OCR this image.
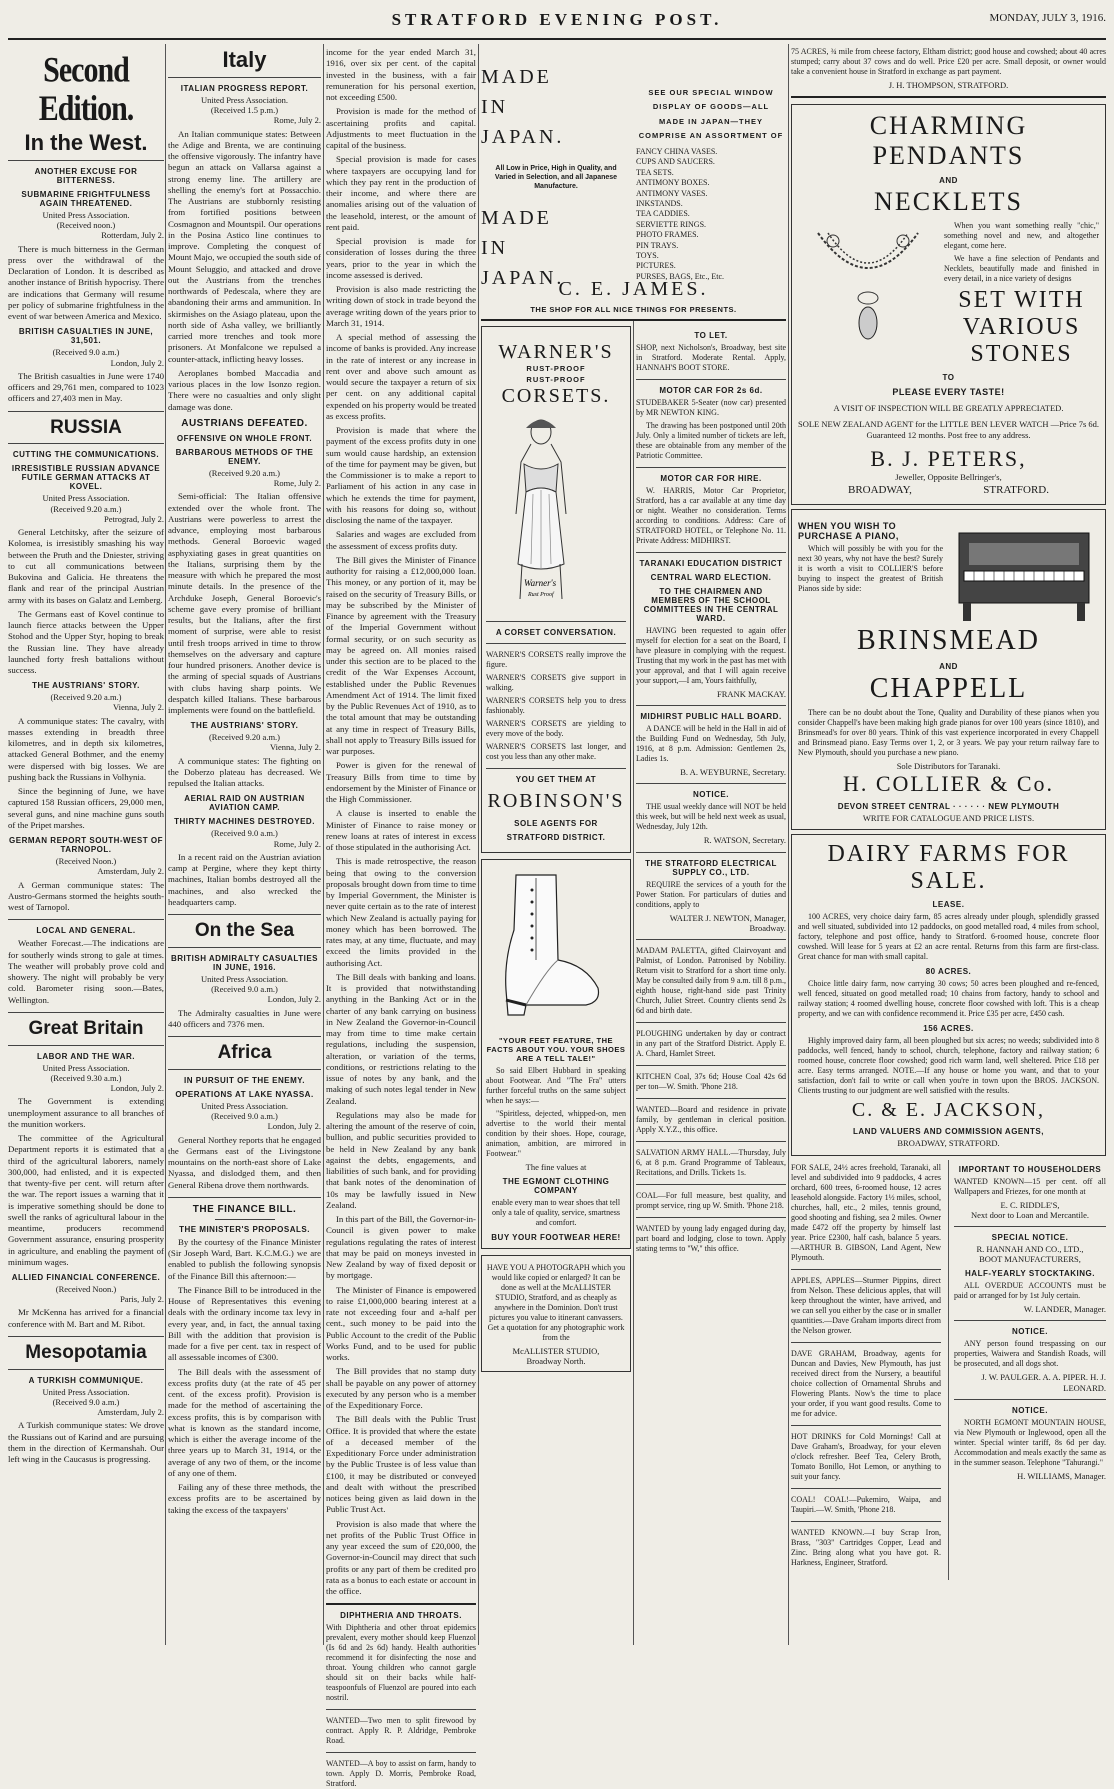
STRATFORD EVENING POST.	MONDAY, JULY 3, 1916.
Second Edition.
In the West.
ANOTHER EXCUSE FOR BITTERNESS.
SUBMARINE FRIGHTFULNESS AGAIN THREATENED.
United Press Association.
(Received noon.)
Rotterdam, July 2.

There is much bitterness in the German press over the withdrawal of the Declaration of London. It is described as another instance of British hypocrisy. There are indications that Germany will resume per policy of submarine frightfulness in the event of war between America and Mexico.

BRITISH CASUALTIES IN JUNE, 31,501.
(Received 9.0 a.m.)
London, July 2.

The British casualties in June were 1740 officers and 29,761 men, compared to 1023 officers and 27,403 men in May.

RUSSIA
CUTTING THE COMMUNICATIONS.
IRRESISTIBLE RUSSIAN ADVANCE FUTILE GERMAN ATTACKS AT KOVEL.
United Press Association.
(Received 9.20 a.m.)
Petrograd, July 2.

General Letchitsky, after the seizure of Kolomea, is irresistibly smashing his way between the Pruth and the Dniester, striving to cut all communications between Bukovina and Galicia. He threatens the flank and rear of the principal Austrian army with its bases on Galatz and Lemberg.

The Germans east of Kovel continue to launch fierce attacks between the Upper Stohod and the Upper Styr, hoping to break the Russian line. They have already launched forty fresh battalions without success.

THE AUSTRIANS' STORY.
(Received 9.20 a.m.)
Vienna, July 2.

A communique states: The cavalry, with masses extending in breadth three kilometres, and in depth six kilometres, attacked General Bothmer, and the enemy were dispersed with big losses. We are pushing back the Russians in Volhynia.

Since the beginning of June, we have captured 158 Russian officers, 29,000 men, several guns, and nine machine guns south of the Pripet marshes.

GERMAN REPORT SOUTH-WEST OF TARNOPOL.
(Received Noon.)
Amsterdam, July 2.

A German communique states: The Austro-Germans stormed the heights south-west of Tarnopol.

LOCAL AND GENERAL.

Weather Forecast.—The indications are for southerly winds strong to gale at times. The weather will probably prove cold and showery. The night will probably be very cold. Barometer rising soon.—Bates, Wellington.

Great Britain
LABOR AND THE WAR.
United Press Association.
(Received 9.30 a.m.)
London, July 2.

The Government is extending unemployment assurance to all branches of the munition workers.

The committee of the Agricultural Department reports it is estimated that a third of the agricultural laborers, namely 300,000, had enlisted, and it is expected that twenty-five per cent. will return after the war. The report issues a warning that it is imperative something should be done to swell the ranks of agricultural labour in the meantime, producers recommend Government assurance, ensuring prosperity in agriculture, and enabling the payment of minimum wages.

ALLIED FINANCIAL CONFERENCE.
(Received Noon.)
Paris, July 2.

Mr McKenna has arrived for a financial conference with M. Bart and M. Ribot.

Mesopotamia
A TURKISH COMMUNIQUE.
United Press Association.
(Received 9.0 a.m.)
Amsterdam, July 2.

A Turkish communique states: We drove the Russians out of Karind and are pursuing them in the direction of Kermanshah. Our left wing in the Caucasus is progressing.

Italy
ITALIAN PROGRESS REPORT.
United Press Association.
(Received 1.5 p.m.)
Rome, July 2.

An Italian communique states: Between the Adige and Brenta, we are continuing the offensive vigorously. The infantry have begun an attack on Vallarsa against a strong enemy line. The artillery are shelling the enemy's fort at Possacchio. The Austrians are stubbornly resisting from fortified positions between Cosmagnon and Mountspil. Our operations in the Posina Astico line continues to improve. Completing the conquest of Mount Majo, we occupied the south side of Mount Seluggio, and attacked and drove out the Austrians from the trenches northwards of Pedescala, where they are abandoning their arms and ammunition. In skirmishes on the Asiago plateau, upon the north side of Asha valley, we brilliantly carried more trenches and took more prisoners. At Monfalcone we repulsed a counter-attack, inflicting heavy losses.

Aeroplanes bombed Maccadia and various places in the low Isonzo region. There were no casualties and only slight damage was done.

AUSTRIANS DEFEATED.
OFFENSIVE ON WHOLE FRONT.
BARBAROUS METHODS OF THE ENEMY.
(Received 9.20 a.m.)
Rome, July 2.

Semi-official: The Italian offensive extended over the whole front. The Austrians were powerless to arrest the advance, employing most barbarous methods. General Boroevic waged asphyxiating gases in great quantities on the Italians, surprising them by the measure with which he prepared the most minute details. In the presence of the Archduke Joseph, General Boroevic's scheme gave every promise of brilliant results, but the Italians, after the first moment of surprise, were able to resist until fresh troops arrived in time to throw themselves on the adversary and capture four hundred prisoners. Another device is the arming of special squads of Austrians with clubs having sharp points. We despatch killed Italians. These barbarous implements were found on the battlefield.

THE AUSTRIANS' STORY.
(Received 9.20 a.m.)
Vienna, July 2.

A communique states: The fighting on the Doberzo plateau has decreased. We repulsed the Italian attacks.

AERIAL RAID ON AUSTRIAN AVIATION CAMP.
THIRTY MACHINES DESTROYED.
(Received 9.0 a.m.)
Rome, July 2.

In a recent raid on the Austrian aviation camp at Pergine, where they kept thirty machines, Italian bombs destroyed all the machines, and also wrecked the headquarters camp.

On the Sea
BRITISH ADMIRALTY CASUALTIES IN JUNE, 1916.
United Press Association.
(Received 9.0 a.m.)
London, July 2.

The Admiralty casualties in June were 440 officers and 7376 men.

Africa
IN PURSUIT OF THE ENEMY.
OPERATIONS AT LAKE NYASSA.
United Press Association.
(Received 9.0 a.m.)
London, July 2.

General Northey reports that he engaged the Germans east of the Livingstone mountains on the north-east shore of Lake Nyassa, and dislodged them, and then General Ribena drove them northwards.

THE FINANCE BILL.
THE MINISTER'S PROPOSALS.

By the courtesy of the Finance Minister (Sir Joseph Ward, Bart. K.C.M.G.) we are enabled to publish the following synopsis of the Finance Bill this afternoon:—

The Finance Bill to be introduced in the House of Representatives this evening deals with the ordinary income tax levy in every year, and, in fact, the annual taxing Bill with the addition that provision is made for a five per cent. tax in respect of all assessable incomes of £300.

The Bill deals with the assessment of excess profits duty (at the rate of 45 per cent. of the excess profit). Provision is made for the method of ascertaining the excess profits, this is by comparison with what is known as the standard income, which is either the average income of the three years up to March 31, 1914, or the average of any two of them, or the income of any one of them.

Failing any of these three methods, the excess profits are to be ascertained by taking the excess of the taxpayers'

income for the year ended March 31, 1916, over six per cent. of the capital invested in the business, with a fair remuneration for his personal exertion, not exceeding £500.

Provision is made for the method of ascertaining profits and capital. Adjustments to meet fluctuation in the capital of the business.

Special provision is made for cases where taxpayers are occupying land for which they pay rent in the production of their income, and where there are anomalies arising out of the valuation of the leasehold, interest, or the amount of rent paid.

Special provision is made for consideration of losses during the three years, prior to the year in which the income assessed is derived.

Provision is also made restricting the writing down of stock in trade beyond the average writing down of the years prior to March 31, 1914.

A special method of assessing the income of banks is provided. Any increase in the rate of interest or any increase in rent over and above such amount as would secure the taxpayer a return of six per cent. on any additional capital expended on his property would be treated as excess profits.

Provision is made that where the payment of the excess profits duty in one sum would cause hardship, an extension of the time for payment may be given, but the Commissioner is to make a report to Parliament of his action in any case in which he extends the time for payment, with his reasons for doing so, without disclosing the name of the taxpayer.

Salaries and wages are excluded from the assessment of excess profits duty.

The Bill gives the Minister of Finance authority for raising a £12,000,000 loan. This money, or any portion of it, may be raised on the security of Treasury Bills, or may be subscribed by the Minister of Finance by agreement with the Treasury of the Imperial Government without formal security, or on such security as may be agreed on. All monies raised under this section are to be placed to the credit of the War Expenses Account, established under the Public Revenues Amendment Act of 1914. The limit fixed by the Public Revenues Act of 1910, as to the total amount that may be outstanding at any time in respect of Treasury Bills, shall not apply to Treasury Bills issued for war purposes.

Power is given for the renewal of Treasury Bills from time to time by endorsement by the Minister of Finance or the High Commissioner.

A clause is inserted to enable the Minister of Finance to raise money or renew loans at rates of interest in excess of those stipulated in the authorising Act.

This is made retrospective, the reason being that owing to the conversion proposals brought down from time to time by Imperial Government, the Minister is never quite certain as to the rate of interest which New Zealand is actually paying for money which has been borrowed. The rates may, at any time, fluctuate, and may exceed the limits provided in the authorising Act.

The Bill deals with banking and loans. It is provided that notwithstanding anything in the Banking Act or in the charter of any bank carrying on business in New Zealand the Governor-in-Council may from time to time make certain regulations, including the suspension, alteration, or variation of the terms, conditions, or restrictions relating to the issue of notes by any bank, and the making of such notes legal tender in New Zealand.

Regulations may also be made for altering the amount of the reserve of coin, bullion, and public securities provided to be held in New Zealand by any bank against the debts, engagements, and liabilities of such bank, and for providing that bank notes of the denomination of 10s may be lawfully issued in New Zealand.

In this part of the Bill, the Governor-in-Council is given power to make regulations regulating the rates of interest that may be paid on moneys invested in New Zealand by way of fixed deposit or by mortgage.

The Minister of Finance is empowered to raise £1,000,000 bearing interest at a rate not exceeding four and a-half per cent., such money to be paid into the Public Account to the credit of the Public Works Fund, and to be used for public works.

The Bill provides that no stamp duty shall be payable on any power of attorney executed by any person who is a member of the Expeditionary Force.

The Bill deals with the Public Trust Office. It is provided that where the estate of a deceased member of the Expeditionary Force under administration by the Public Trustee is of less value than £100, it may be distributed or conveyed and dealt with without the prescribed notices being given as laid down in the Public Trust Act.

Provision is also made that where the net profits of the Public Trust Office in any year exceed the sum of £20,000, the Governor-in-Council may direct that such profits or any part of them be credited pro rata as a bonus to each estate or account in the office.

DIPHTHERIA AND THROATS.

With Diphtheria and other throat epidemics prevalent, every mother should keep Fluenzol (Is 6d and 2s 6d) handy. Health authorities recommend it for disinfecting the nose and throat. Young children who cannot gargle should sit on their backs while half-teaspoonfuls of Fluenzol are poured into each nostril.

WANTED—Two men to split firewood by contract. Apply R. P. Aldridge, Pembroke Road.

WANTED—A boy to assist on farm, handy to town. Apply D. Morris, Pembroke Road, Stratford.

MADE
IN
JAPAN.
All Low in Price, High in Quality, and Varied in Selection, and all Japanese Manufacture.
MADE
IN
JAPAN.
SEE OUR SPECIAL WINDOW
DISPLAY OF GOODS—ALL
MADE IN JAPAN—THEY
COMPRISE AN ASSORTMENT OF
FANCY CHINA VASES.
CUPS AND SAUCERS.
TEA SETS.
ANTIMONY BOXES.
ANTIMONY VASES.
INKSTANDS.
TEA CADDIES.
SERVIETTE RINGS.
PHOTO FRAMES.
PIN TRAYS.
TOYS.
PICTURES.
PURSES, BAGS, Etc., Etc.
C. E. JAMES.
THE SHOP FOR ALL NICE THINGS FOR PRESENTS.
WARNER'S
RUST-PROOF
RUST-PROOF
CORSETS.
Warner's
Rust Proof
A CORSET CONVERSATION.

WARNER'S CORSETS really improve the figure.

WARNER'S CORSETS give support in walking.

WARNER'S CORSETS help you to dress fashionably.

WARNER'S CORSETS are yielding to every move of the body.

WARNER'S CORSETS last longer, and cost you less than any other make.

YOU GET THEM AT
ROBINSON'S
SOLE AGENTS FOR
STRATFORD DISTRICT.
"YOUR FEET FEATURE, THE FACTS ABOUT YOU. YOUR SHOES ARE A TELL TALE!"

So said Elbert Hubbard in speaking about Footwear. And "The Fra" utters further forceful truths on the same subject when he says:—

"Spiritless, dejected, whipped-on, men advertise to the world their mental condition by their shoes. Hope, courage, animation, ambition, are mirrored in Footwear."

The fine values at
THE EGMONT CLOTHING COMPANY

enable every man to wear shoes that tell only a tale of quality, service, smartness and comfort.

BUY YOUR FOOTWEAR HERE!

HAVE YOU A PHOTOGRAPH which you would like copied or enlarged? It can be done as well at the McALLISTER STUDIO, Stratford, and as cheaply as anywhere in the Dominion. Don't trust pictures you value to itinerant canvassers. Get a quotation for any photographic work from the

McALLISTER STUDIO,
Broadway North.
TO LET.

SHOP, next Nicholson's, Broadway, best site in Stratford. Moderate Rental. Apply, HANNAH'S BOOT STORE.

MOTOR CAR FOR 2s 6d.

STUDEBAKER 5-Seater (now car) presented by MR NEWTON KING.

The drawing has been postponed until 20th July. Only a limited number of tickets are left, these are obtainable from any member of the Patriotic Committee.

MOTOR CAR FOR HIRE.

W. HARRIS, Motor Car Proprietor, Stratford, has a car available at any time day or night. Weather no consideration. Terms according to conditions. Address: Care of STRATFORD HOTEL, or Telephone No. 11. Private Address: MIDHIRST.

TARANAKI EDUCATION DISTRICT
CENTRAL WARD ELECTION.
TO THE CHAIRMEN AND MEMBERS OF THE SCHOOL COMMITTEES IN THE CENTRAL WARD.

HAVING been requested to again offer myself for election for a seat on the Board, I have pleasure in complying with the request. Trusting that my work in the past has met with your approval, and that I will again receive your support,—I am, Yours faithfully,

FRANK MACKAY.
MIDHIRST PUBLIC HALL BOARD.

A DANCE will be held in the Hall in aid of the Building Fund on Wednesday, 5th July, 1916, at 8 p.m. Admission: Gentlemen 2s, Ladies 1s.

B. A. WEYBURNE, Secretary.
NOTICE.

THE usual weekly dance will NOT be held this week, but will be held next week as usual, Wednesday, July 12th.

R. WATSON, Secretary.
THE STRATFORD ELECTRICAL SUPPLY CO., LTD.

REQUIRE the services of a youth for the Power Station. For particulars of duties and conditions, apply to

WALTER J. NEWTON, Manager, Broadway.

MADAM PALETTA, gifted Clairvoyant and Palmist, of London. Patronised by Nobility. Return visit to Stratford for a short time only. May be consulted daily from 9 a.m. till 8 p.m., eighth house, right-hand side past Trinity Church, Juliet Street. Country clients send 2s 6d and birth date.

PLOUGHING undertaken by day or contract in any part of the Stratford District. Apply E. A. Chard, Hamlet Street.

KITCHEN Coal, 37s 6d; House Coal 42s 6d per ton—W. Smith. 'Phone 218.

WANTED—Board and residence in private family, by gentleman in clerical position. Apply X.Y.Z., this office.

SALVATION ARMY HALL.—Thursday, July 6, at 8 p.m. Grand Programme of Tableaux, Recitations, and Drills. Tickets 1s.

COAL—For full measure, best quality, and prompt service, ring up W. Smith. 'Phone 218.

WANTED by young lady engaged during day, part board and lodging, close to town. Apply stating terms to "W," this office.

75 ACRES, ¾ mile from cheese factory, Eltham district; good house and cowshed; about 40 acres stumped; carry about 37 cows and do well. Price £20 per acre. Small deposit, or owner would take a convenient house in Stratford in exchange as part payment.

J. H. THOMPSON, STRATFORD.
CHARMING PENDANTS
AND
NECKLETS

When you want something really "chic," something novel and new, and altogether elegant, come here.

We have a fine selection of Pendants and Necklets, beautifully made and finished in every detail, in a nice variety of designs

SET WITH VARIOUS
STONES
TO
PLEASE EVERY TASTE!
A VISIT OF INSPECTION WILL BE GREATLY APPRECIATED.
SOLE NEW ZEALAND AGENT for the LITTLE BEN LEVER WATCH —Price 7s 6d. Guaranteed 12 months. Post free to any address.
B. J. PETERS,
Jeweller, Opposite Bellringer's,
BROADWAY,	STRATFORD.
WHEN YOU WISH TO PURCHASE A PIANO,

Which will possibly be with you for the next 30 years, why not have the best? Surely it is worth a visit to COLLIER'S before buying to inspect the greatest of British Pianos side by side:

BRINSMEAD
AND
CHAPPELL

There can be no doubt about the Tone, Quality and Durability of these pianos when you consider Chappell's have been making high grade pianos for over 100 years (since 1810), and Brinsmead's for over 80 years. Think of this vast experience incorporated in every Chappell and Brinsmead piano. Easy Terms over 1, 2, or 3 years. We pay your return railway fare to New Plymouth, should you purchase a new piano.

Sole Distributors for Taranaki.
H. COLLIER & Co.
DEVON STREET CENTRAL · · · · · · NEW PLYMOUTH
WRITE FOR CATALOGUE AND PRICE LISTS.
DAIRY FARMS FOR SALE.
LEASE.

100 ACRES, very choice dairy farm, 85 acres already under plough, splendidly grassed and well situated, subdivided into 12 paddocks, on good metalled road, 4 miles from school, factory, telephone and post office, handy to Stratford. 6-roomed house, concrete floor cowshed. Will lease for 5 years at £2 an acre rental. Returns from this farm are first-class. Great chance for man with small capital.

80 ACRES.

Choice little dairy farm, now carrying 30 cows; 50 acres been ploughed and re-fenced, well fenced, situated on good metalled road; 10 chains from factory, handy to school and railway station; 4 roomed dwelling house, concrete floor cowshed with loft. This is a cheap property, and we can with confidence recommend it. Price £35 per acre, £450 cash.

156 ACRES.

Highly improved dairy farm, all been ploughed but six acres; no weeds; subdivided into 8 paddocks, well fenced, handy to school, church, telephone, factory and railway station; 6 roomed house, concrete floor cowshed; good rich warm land, well sheltered. Price £18 per acre. Easy terms arranged. NOTE.—If any house or home you want, and that to your satisfaction, don't fail to write or call when you're in town upon the BROS. JACKSON. Clients trusting to our judgment are well satisfied with the results.

C. & E. JACKSON,
LAND VALUERS AND COMMISSION AGENTS,
BROADWAY, STRATFORD.

FOR SALE, 24½ acres freehold, Taranaki, all level and subdivided into 9 paddocks, 4 acres orchard, 600 trees, 6-roomed house, 12 acres leasehold alongside. Factory 1½ miles, school, churches, hall, etc., 2 miles, tennis ground, good shooting and fishing, sea 2 miles. Owner made £472 off the property by himself last year. Price £2300, half cash, balance 5 years.—ARTHUR B. GIBSON, Land Agent, New Plymouth.

APPLES, APPLES—Sturmer Pippins, direct from Nelson. These delicious apples, that will keep throughout the winter, have arrived, and we can sell you either by the case or in smaller quantities.—Dave Graham imports direct from the Nelson grower.

DAVE GRAHAM, Broadway, agents for Duncan and Davies, New Plymouth, has just received direct from the Nursery, a beautiful choice collection of Ornamental Shrubs and Flowering Plants. Now's the time to place your order, if you want good results. Come to me for advice.

HOT DRINKS for Cold Mornings! Call at Dave Graham's, Broadway, for your eleven o'clock refresher. Beef Tea, Celery Broth, Tomato Bonillo, Hot Lemon, or anything to suit your fancy.

COAL! COAL!—Pukemiro, Waipa, and Taupiri.—W. Smith, 'Phone 218.

WANTED KNOWN.—I buy Scrap Iron, Brass, "303" Cartridges Copper, Lead and Zinc. Bring along what you have got. R. Harkness, Engineer, Stratford.

IMPORTANT TO HOUSEHOLDERS

WANTED KNOWN—15 per cent. off all Wallpapers and Friezes, for one month at

E. C. RIDDLE'S,
Next door to Loan and Mercantile.
SPECIAL NOTICE.
R. HANNAH AND CO., LTD.,
BOOT MANUFACTURERS,
HALF-YEARLY STOCKTAKING.

ALL OVERDUE ACCOUNTS must be paid or arranged for by 1st July certain.

W. LANDER, Manager.
NOTICE.

ANY person found trespassing on our properties, Waiwera and Standish Roads, will be prosecuted, and all dogs shot.

J. W. PAULGER. A. A. PIPER. H. J. LEONARD.
NOTICE.

NORTH EGMONT MOUNTAIN HOUSE, via New Plymouth or Inglewood, open all the winter. Special winter tariff, 8s 6d per day. Accommodation and meals exactly the same as in the summer season. Telephone "Tahurangi."

H. WILLIAMS, Manager.
